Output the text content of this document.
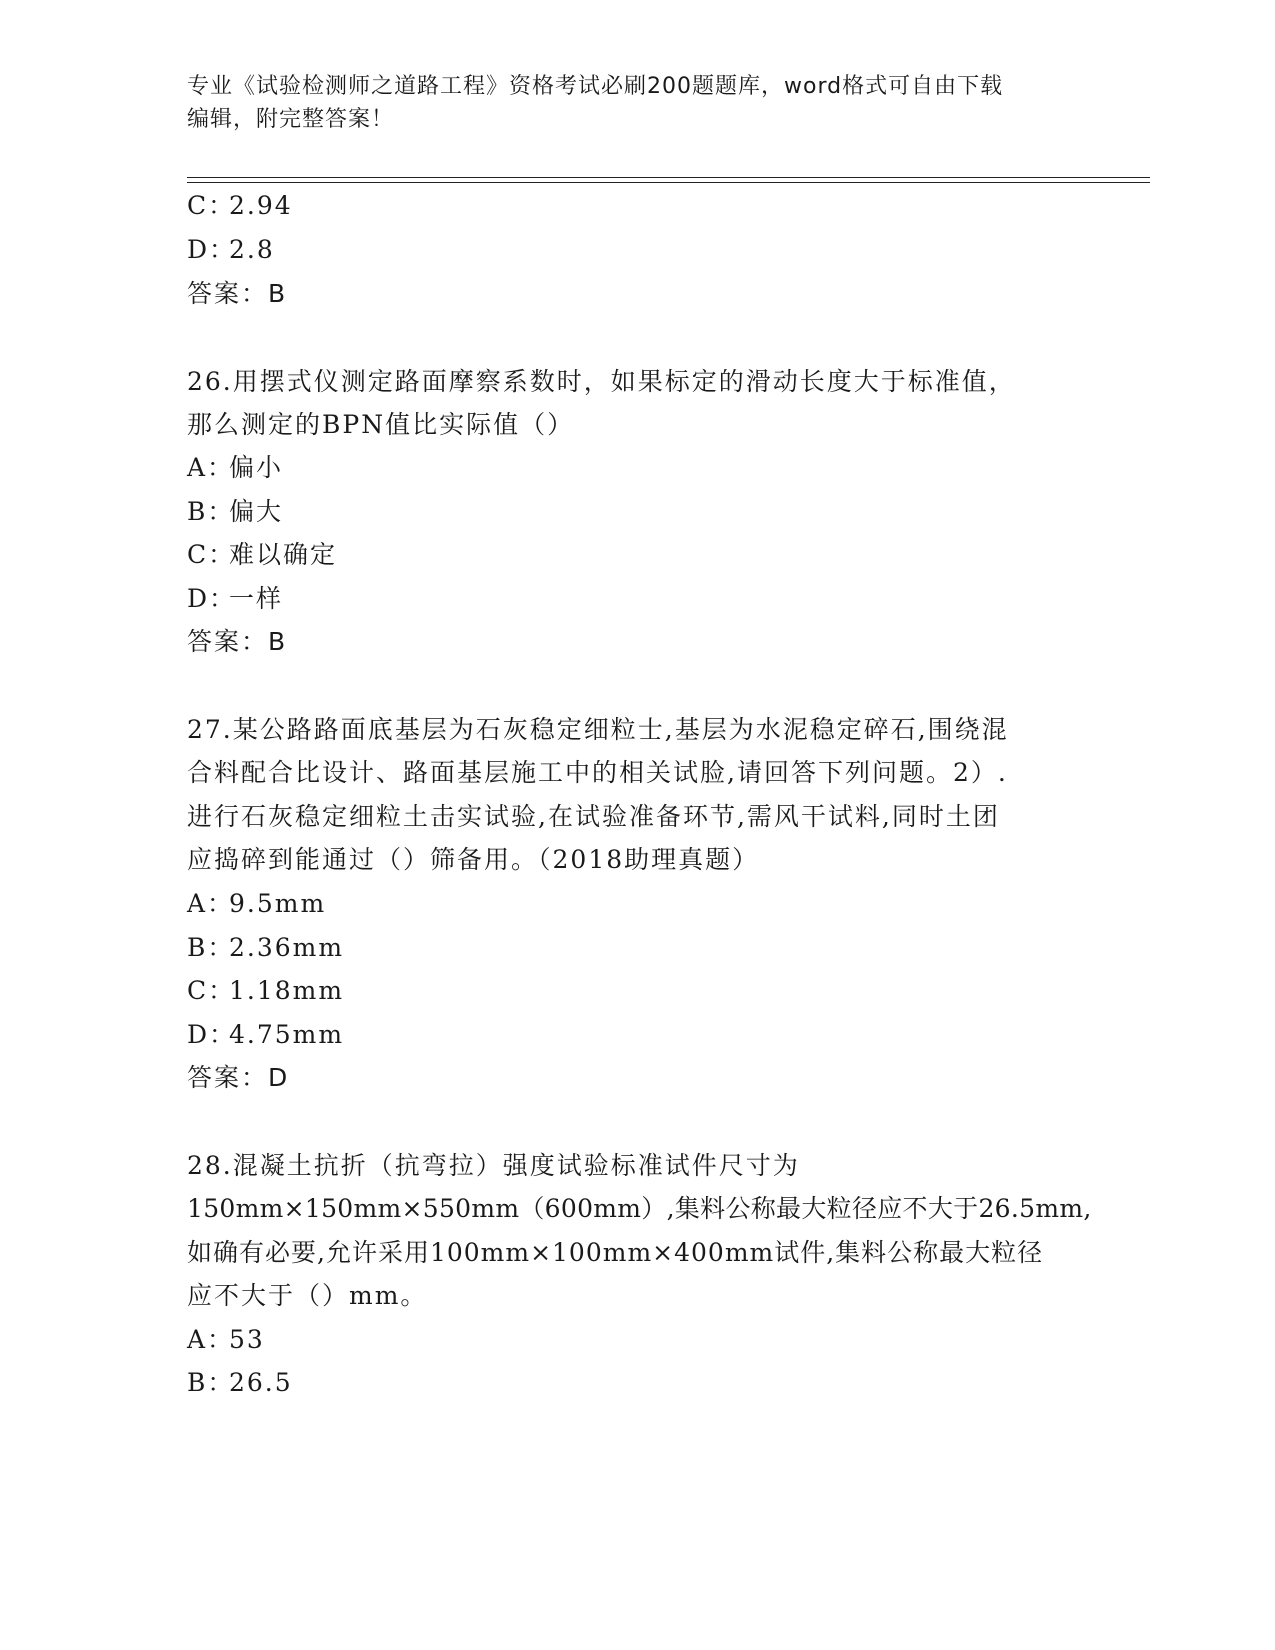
专业《试验检测师之道路工程》资格考试必刷200题题库，word格式可自由下载
编辑，附完整答案！
C：2.94
D：2.8
答案：B
26.用摆式仪测定路面摩察系数时，如果标定的滑动长度大于标准值，
那么测定的BPN值比实际值（）
A：偏小
B：偏大
C：难以确定
D：一样
答案：B
27.某公路路面底基层为石灰稳定细粒士,基层为水泥稳定碎石,围绕混
合料配合比设计、路面基层施工中的相关试脸,请回答下列问题。2）.
进行石灰稳定细粒土击实试验,在试验准备环节,需风干试料,同时土团
应捣碎到能通过（）筛备用。（2018助理真题）
A：9.5mm
B：2.36mm
C：1.18mm
D：4.75mm
答案：D
28.混凝土抗折（抗弯拉）强度试验标准试件尺寸为
150mm×150mm×550mm（600mm）,集料公称最大粒径应不大于26.5mm,
如确有必要,允许采用100mm×100mm×400mm试件,集料公称最大粒径
应不大于（）mm。
A：53
B：26.5
